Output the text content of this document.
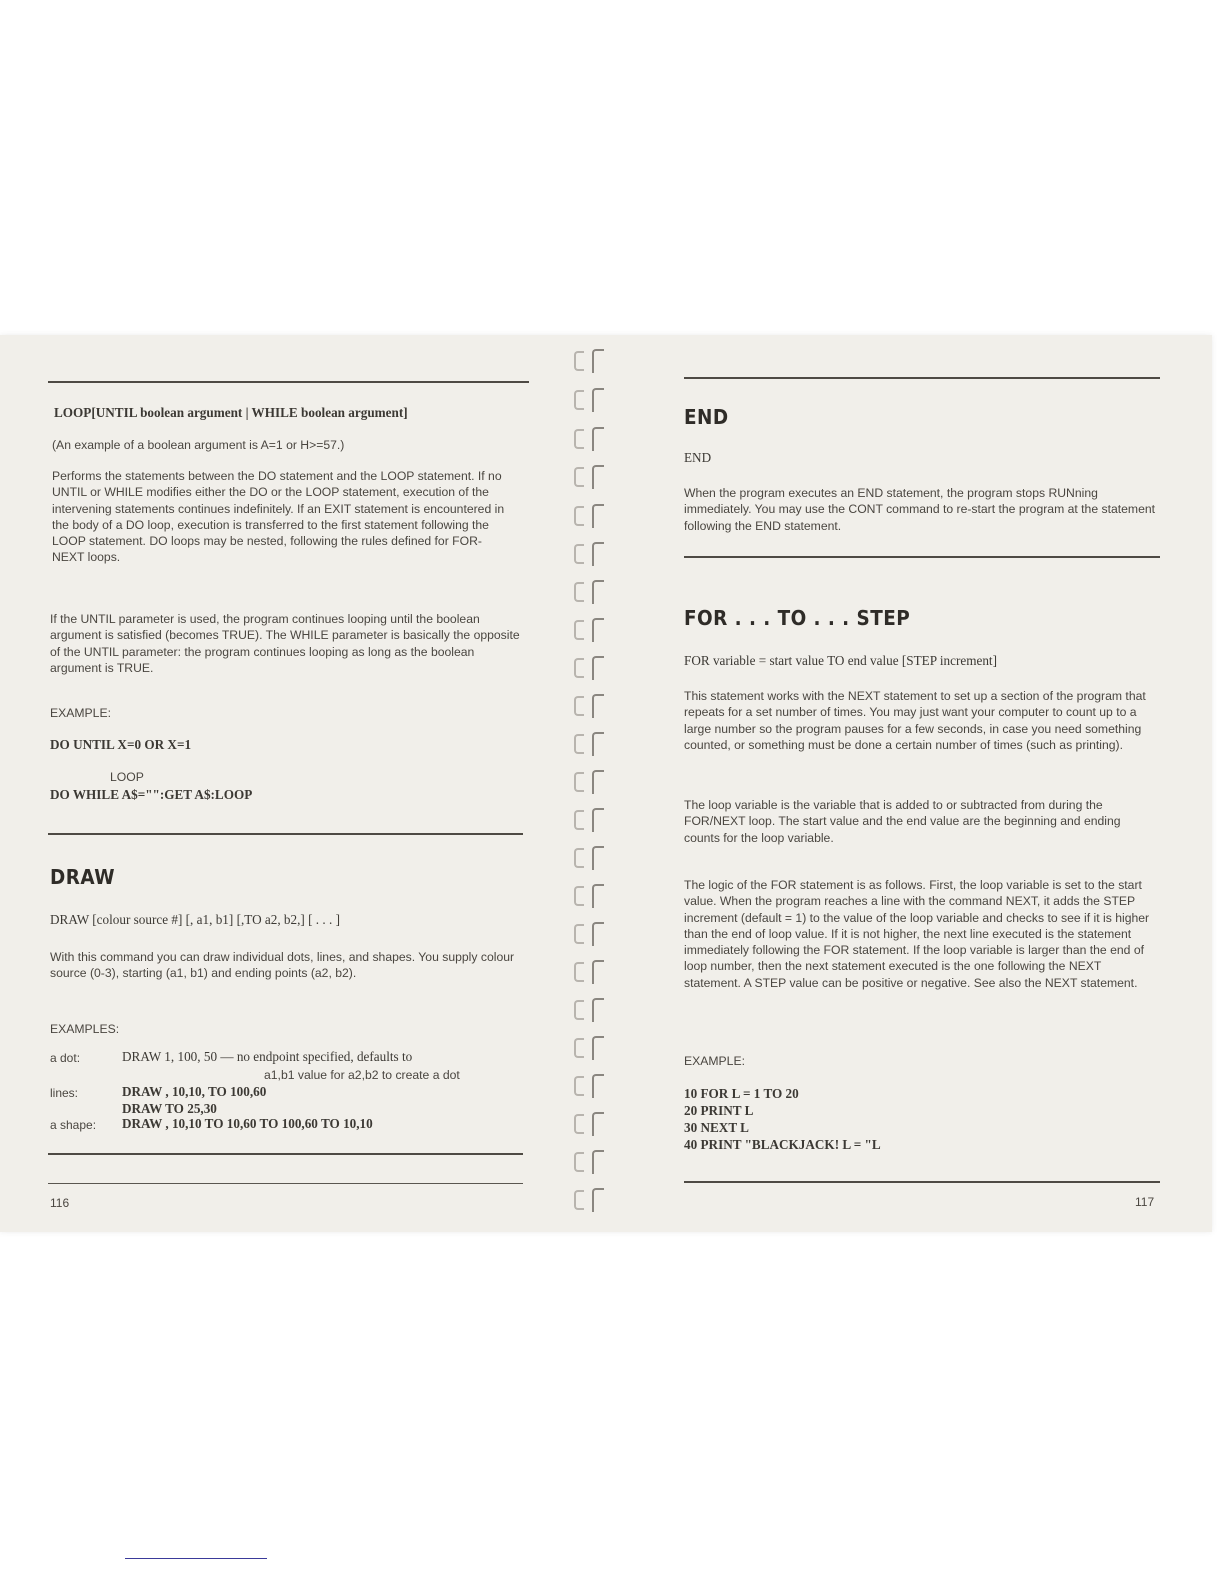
LOOP[UNTIL boolean argument | WHILE boolean argument]

(An example of a boolean argument is A=1 or H>=57.)

Performs the statements between the DO statement and the LOOP statement. If no UNTIL or WHILE modifies either the DO or the LOOP statement, execution of the intervening statements continues indefinitely. If an EXIT statement is encountered in the body of a DO loop, execution is transferred to the first statement following the LOOP statement. DO loops may be nested, following the rules defined for FOR-NEXT loops.

If the UNTIL parameter is used, the program continues looping until the boolean argument is satisfied (becomes TRUE). The WHILE parameter is basically the opposite of the UNTIL parameter: the program continues looping as long as the boolean argument is TRUE.

EXAMPLE:

DO UNTIL X=0 OR X=1

LOOP

DO WHILE A$="":GET A$:LOOP

DRAW

DRAW [colour source #] [, a1, b1] [,TO a2, b2,] [ . . . ]

With this command you can draw individual dots, lines, and shapes. You supply colour source (0-3), starting (a1, b1) and ending points (a2, b2).

EXAMPLES:

a dot:	DRAW 1, 100, 50 — no endpoint specified, defaults to
a1,b1 value for a2,b2 to create a dot
lines:	DRAW , 10,10, TO 100,60
DRAW TO 25,30
a shape: DRAW , 10,10 TO 10,60 TO 100,60 TO 10,10
116

END

END

When the program executes an END statement, the program stops RUNning immediately. You may use the CONT command to re-start the program at the statement following the END statement.

FOR . . . TO . . . STEP

FOR variable = start value TO end value [STEP increment]

This statement works with the NEXT statement to set up a section of the program that repeats for a set number of times. You may just want your computer to count up to a large number so the program pauses for a few seconds, in case you need something counted, or something must be done a certain number of times (such as printing).

The loop variable is the variable that is added to or subtracted from during the FOR/NEXT loop. The start value and the end value are the beginning and ending counts for the loop variable.

The logic of the FOR statement is as follows. First, the loop variable is set to the start value. When the program reaches a line with the command NEXT, it adds the STEP increment (default = 1) to the value of the loop variable and checks to see if it is higher than the end of loop value. If it is not higher, the next line executed is the statement immediately following the FOR statement. If the loop variable is larger than the end of loop number, then the next statement executed is the one following the NEXT statement. A STEP value can be positive or negative. See also the NEXT statement.

EXAMPLE:

10 FOR L = 1 TO 20

20 PRINT L

30 NEXT L

40 PRINT "BLACKJACK! L = "L

117
